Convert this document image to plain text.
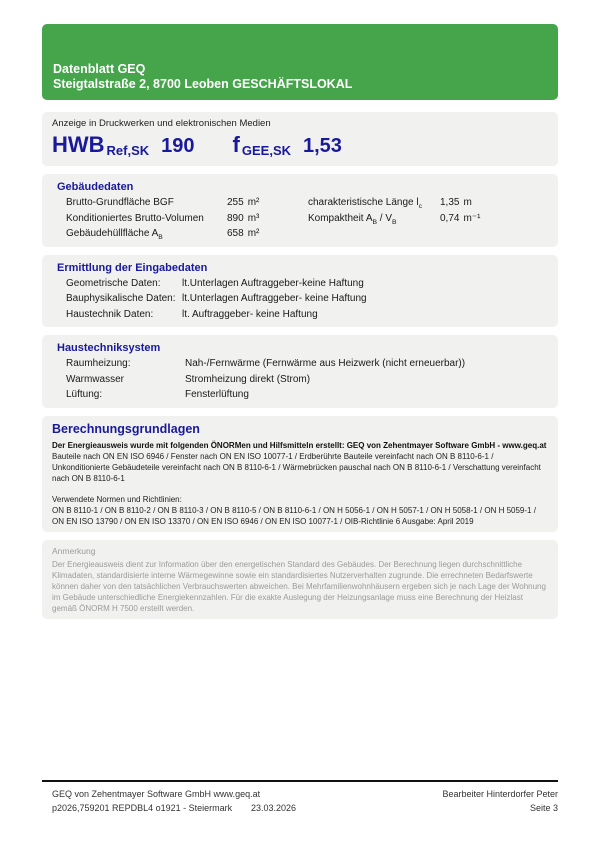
Datenblatt GEQ
Steigtalstraße 2, 8700 Leoben GESCHÄFTSLOKAL
Anzeige in Druckwerken und elektronischen Medien
HWB Ref,SK 190 f GEE,SK 1,53
Gebäudedaten
Brutto-Grundfläche BGF	255 m²	charakteristische Länge $l_c$	1,35 m
Konditioniertes Brutto-Volumen	890 m³	Kompaktheit $A_B / V_B$	0,74 m⁻¹
Gebäudehüllfläche $A_B$	658 m²
Ermittlung der Eingabedaten
Geometrische Daten:	lt.Unterlagen Auftraggeber-keine Haftung
Bauphysikalische Daten: lt.Unterlagen Auftraggeber- keine Haftung
Haustechnik Daten:	lt. Auftraggeber- keine Haftung
Haustechniksystem
Raumheizung:	Nah-/Fernwärme (Fernwärme aus Heizwerk (nicht erneuerbar))
Warmwasser	Stromheizung direkt (Strom)
Lüftung:	Fensterlüftung
Berechnungsgrundlagen
Der Energieausweis wurde mit folgenden ÖNORMen und Hilfsmitteln erstellt: GEQ von Zehentmayer Software GmbH - www.geq.at
Bauteile nach ON EN ISO 6946 / Fenster nach ON EN ISO 10077-1 / Erdberührte Bauteile vereinfacht nach ON B 8110-6-1 / Unkonditionierte Gebäudeteile vereinfacht nach ON B 8110-6-1 / Wärmebrücken pauschal nach ON B 8110-6-1 / Verschattung vereinfacht nach ON B 8110-6-1
Verwendete Normen und Richtlinien:
ON B 8110-1 / ON B 8110-2 / ON B 8110-3 / ON B 8110-5 / ON B 8110-6-1 / ON H 5056-1 / ON H 5057-1 / ON H 5058-1 / ON H 5059-1 / ON EN ISO 13790 / ON EN ISO 13370 / ON EN ISO 6946 / ON EN ISO 10077-1 / OIB-Richtlinie 6 Ausgabe: April 2019
Anmerkung
Der Energieausweis dient zur Information über den energetischen Standard des Gebäudes. Der Berechnung liegen durchschnittliche Klimadaten, standardisierte interne Wärmegewinne sowie ein standardisiertes Nutzerverhalten zugrunde. Die errechneten Bedarfswerte können daher von den tatsächlichen Verbrauchswerten abweichen. Bei Mehrfamilienwohnhäusern ergeben sich je nach Lage der Wohnung im Gebäude unterschiedliche Energiekennzahlen. Für die exakte Auslegung der Heizungsanlage muss eine Berechnung der Heizlast gemäß ÖNORM H 7500 erstellt werden.
GEQ von Zehentmayer Software GmbH www.geq.at
p2026,759201 REPDBL4 o1921 - Steiermark	23.03.2026
Bearbeiter Hinterdorfer Peter
Seite 3
